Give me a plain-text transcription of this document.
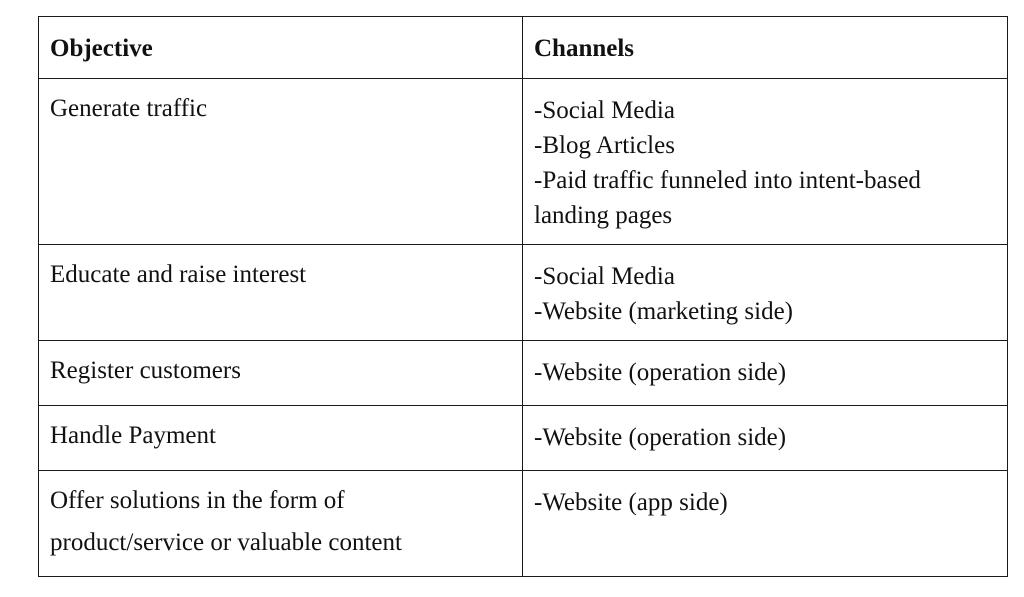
Objective	Channels

Generate traffic	-Social Media
-Blog Articles
-Paid traffic funneled into intent-based
landing pages

Educate and raise interest	-Social Media
-Website (marketing side)

Register customers	-Website (operation side)

Handle Payment	-Website (operation side)

Offer solutions in the form of
product/service or valuable content	-Website (app side)
